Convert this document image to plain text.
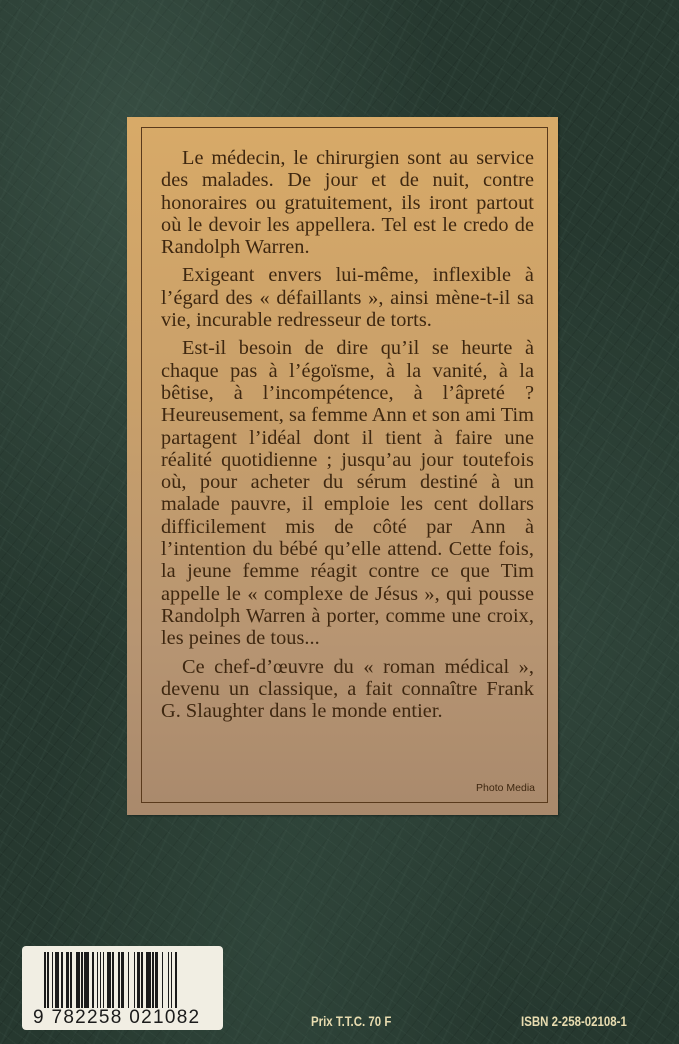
Le médecin, le chirurgien sont au service des malades. De jour et de nuit, contre honoraires ou gratuitement, ils iront partout où le devoir les appellera. Tel est le credo de Randolph Warren.

Exigeant envers lui-même, inflexible à l’égard des « défaillants », ainsi mène-t-il sa vie, incurable redresseur de torts.

Est-il besoin de dire qu’il se heurte à chaque pas à l’égoïsme, à la vanité, à la bêtise, à l’incompétence, à l’âpreté ? Heureusement, sa femme Ann et son ami Tim partagent l’idéal dont il tient à faire une réalité quotidienne ; jusqu’au jour toutefois où, pour acheter du sérum destiné à un malade pauvre, il emploie les cent dollars difficilement mis de côté par Ann à l’intention du bébé qu’elle attend. Cette fois, la jeune femme réagit contre ce que Tim appelle le « complexe de Jésus », qui pousse Randolph Warren à porter, comme une croix, les peines de tous...

Ce chef-d’œuvre du « roman médical », devenu un classique, a fait connaître Frank G. Slaughter dans le monde entier.

Photo Media
9 782258 021082	Prix T.T.C. 70 F	ISBN 2-258-02108-1
